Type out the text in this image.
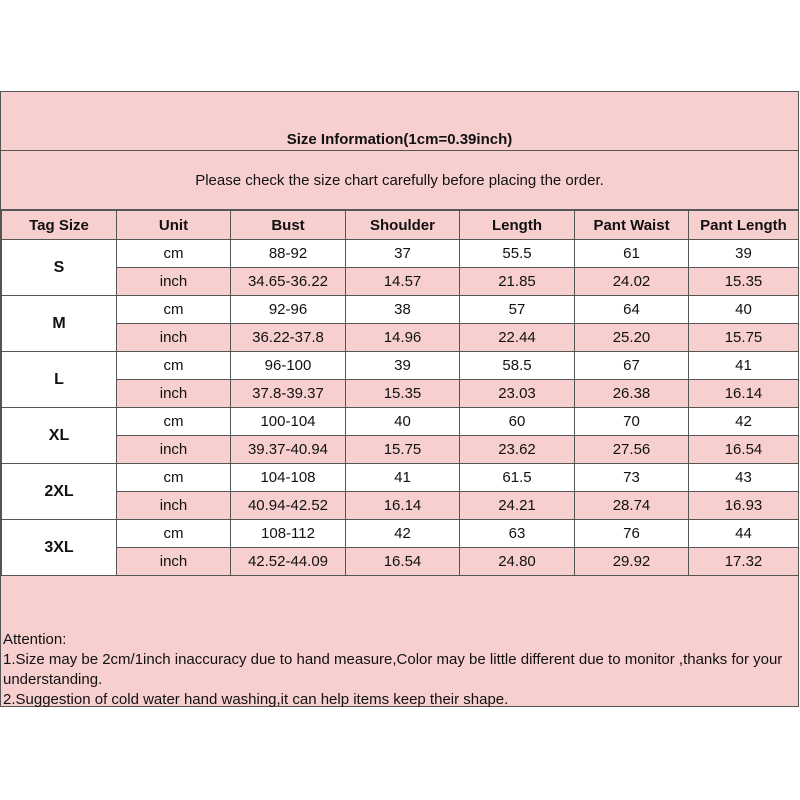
Size Information(1cm=0.39inch)
Please check the size chart carefully before placing the order.
Tag Size	Unit	Bust	Shoulder	Length	Pant Waist	Pant Length
S	cm	88-92	37	55.5	61	39
	inch	34.65-36.22	14.57	21.85	24.02	15.35
M	cm	92-96	38	57	64	40
	inch	36.22-37.8	14.96	22.44	25.20	15.75
L	cm	96-100	39	58.5	67	41
	inch	37.8-39.37	15.35	23.03	26.38	16.14
XL	cm	100-104	40	60	70	42
	inch	39.37-40.94	15.75	23.62	27.56	16.54
2XL	cm	104-108	41	61.5	73	43
	inch	40.94-42.52	16.14	24.21	28.74	16.93
3XL	cm	108-112	42	63	76	44
	inch	42.52-44.09	16.54	24.80	29.92	17.32

Attention:

1.Size may be 2cm/1inch inaccuracy due to hand measure,Color may be little different due to monitor ,thanks for your understanding.

2.Suggestion of cold water hand washing,it can help items keep their shape.
